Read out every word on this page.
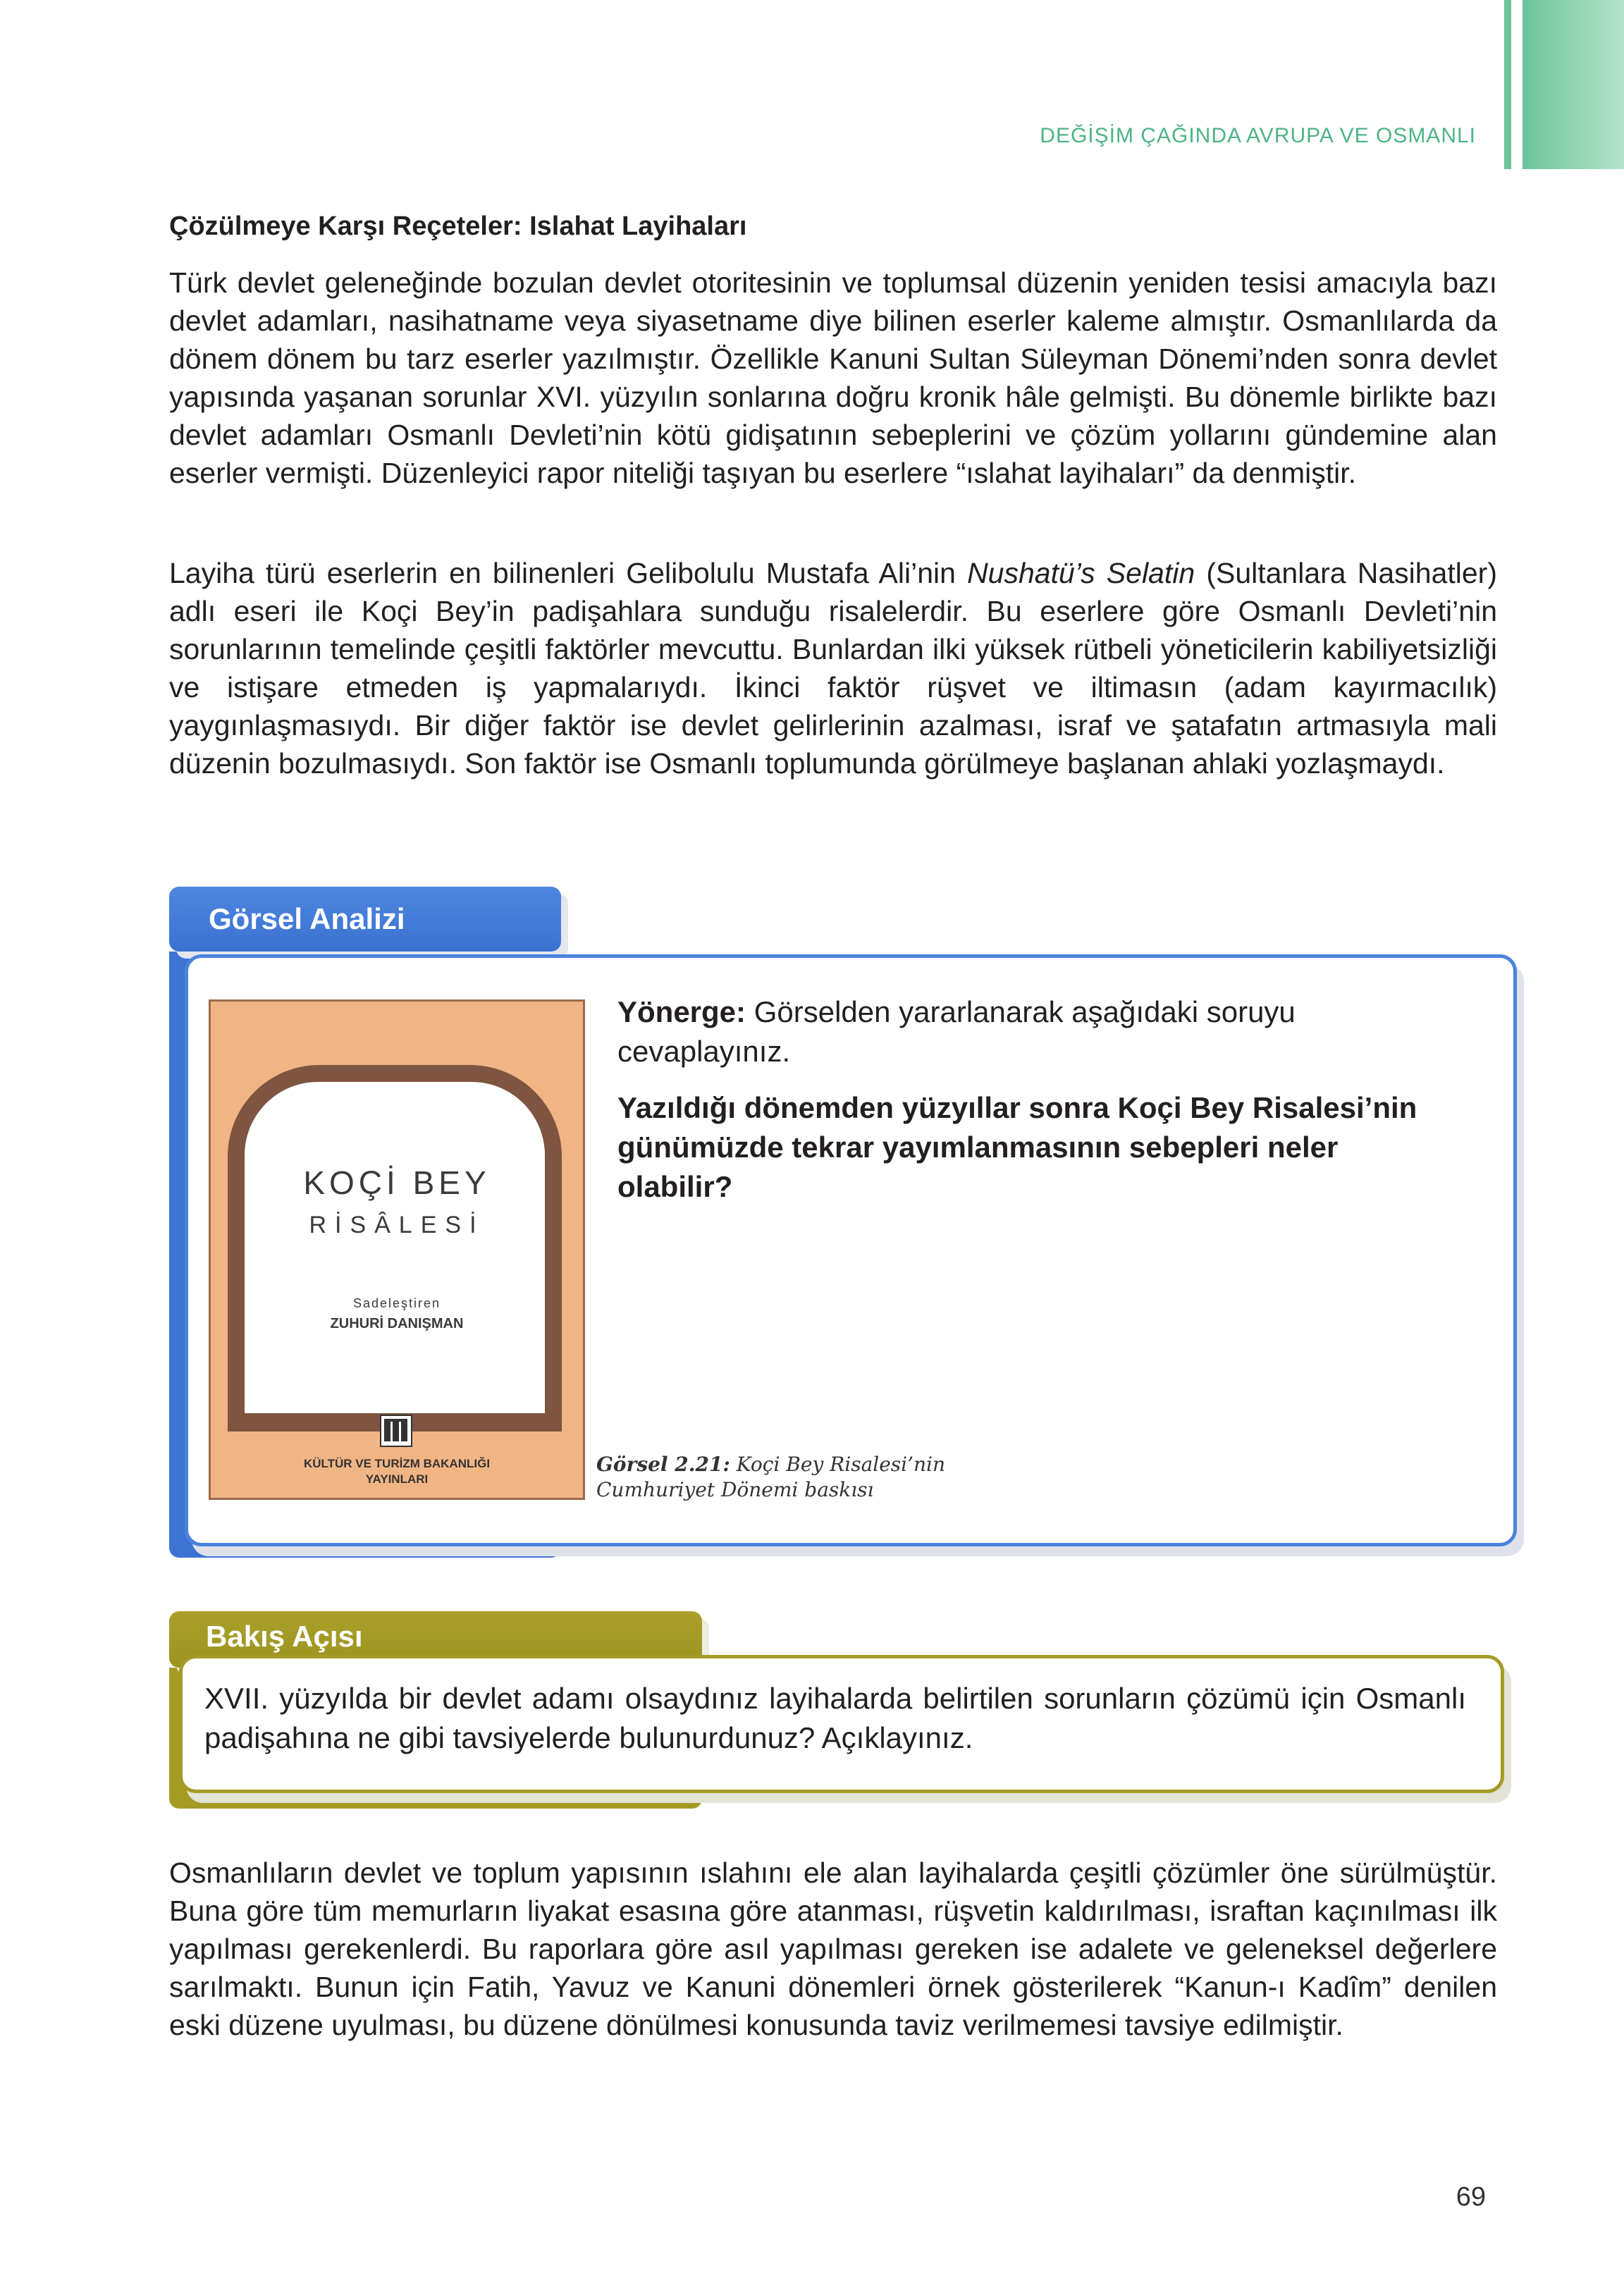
DEĞİŞİM ÇAĞINDA AVRUPA VE OSMANLI
Çözülmeye Karşı Reçeteler: Islahat Layihaları

Türk devlet geleneğinde bozulan devlet otoritesinin ve toplumsal düzenin yeniden tesisi amacıyla bazı devlet adamları, nasihatname veya siyasetname diye bilinen eserler kaleme almıştır. Osmanlılarda da dönem dönem bu tarz eserler yazılmıştır. Özellikle Kanuni Sultan Süleyman Dönemi’nden sonra devlet yapısında yaşanan sorunlar XVI. yüzyılın sonlarına doğru kronik hâle gelmişti. Bu dönemle birlikte bazı devlet adamları Osmanlı Devleti’nin kötü gidişatının sebeplerini ve çözüm yollarını gündemine alan eserler vermişti. Düzenleyici rapor niteliği taşıyan bu eserlere “ıslahat layihaları” da denmiştir.

Layiha türü eserlerin en bilinenleri Gelibolulu Mustafa Ali’nin Nushatü’s Selatin (Sultanlara Nasihatler) adlı eseri ile Koçi Bey’in padişahlara sunduğu risalelerdir. Bu eserlere göre Osmanlı Devleti’nin sorunlarının temelinde çeşitli faktörler mevcuttu. Bunlardan ilki yüksek rütbeli yöneticilerin kabiliyetsizliği ve istişare etmeden iş yapmalarıydı. İkinci faktör rüşvet ve iltimasın (adam kayırmacılık) yaygınlaşmasıydı. Bir diğer faktör ise devlet gelirlerinin azalması, israf ve şatafatın artmasıyla mali düzenin bozulmasıydı. Son faktör ise Osmanlı toplumunda görülmeye başlanan ahlaki yozlaşmaydı.

Görsel Analizi
KOÇİ BEY
RİSÂLESİ
Sadeleştiren
ZUHURİ DANIŞMAN
KÜLTÜR VE TURİZM BAKANLIĞI
YAYINLARI

Yönerge: Görselden yararlanarak aşağıdaki soruyu cevaplayınız.

Yazıldığı dönemden yüzyıllar sonra Koçi Bey Risalesi’nin günümüzde tekrar yayımlanmasının sebepleri neler olabilir?

Görsel 2.21: Koçi Bey Risalesi’nin Cumhuriyet Dönemi baskısı

Bakış Açısı

XVII. yüzyılda bir devlet adamı olsaydınız layihalarda belirtilen sorunların çözümü için Osmanlı padişahına ne gibi tavsiyelerde bulunurdunuz? Açıklayınız.

Osmanlıların devlet ve toplum yapısının ıslahını ele alan layihalarda çeşitli çözümler öne sürülmüştür. Buna göre tüm memurların liyakat esasına göre atanması, rüşvetin kaldırılması, israftan kaçınılması ilk yapılması gerekenlerdi. Bu raporlara göre asıl yapılması gereken ise adalete ve geleneksel değerlere sarılmaktı. Bunun için Fatih, Yavuz ve Kanuni dönemleri örnek gösterilerek “Kanun-ı Kadîm” denilen eski düzene uyulması, bu düzene dönülmesi konusunda taviz verilmemesi tavsiye edilmiştir.

69
